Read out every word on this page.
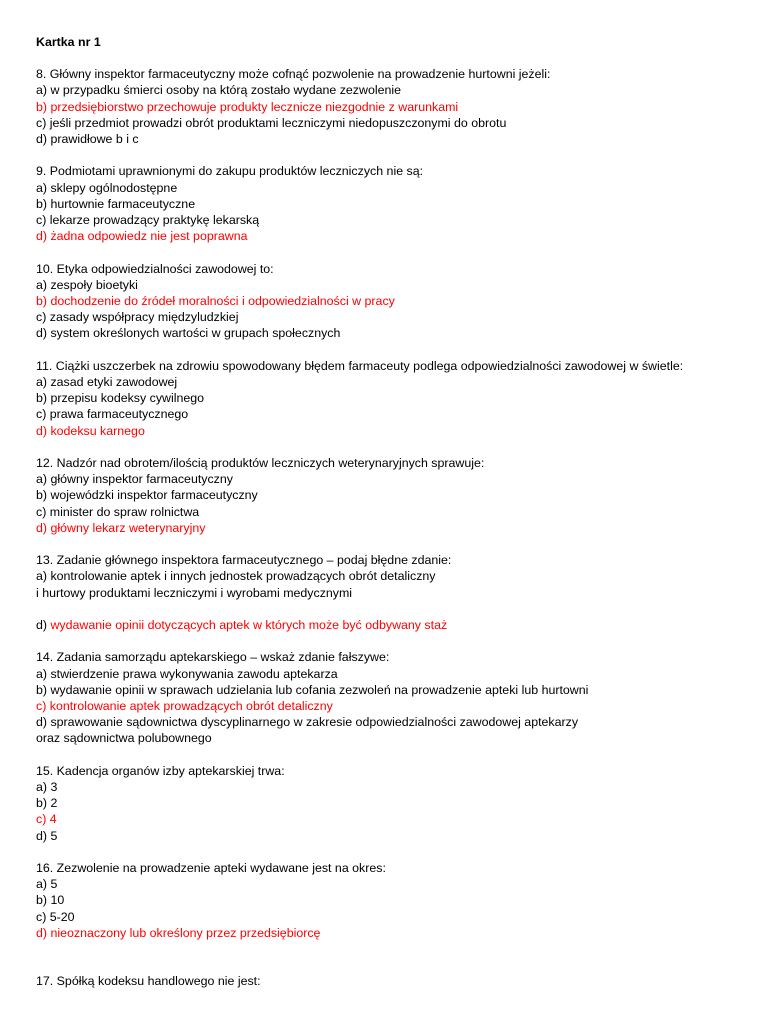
Kartka nr 1
8. Główny inspektor farmaceutyczny może cofnąć pozwolenie na prowadzenie hurtowni jeżeli:
a) w przypadku śmierci osoby na którą zostało wydane zezwolenie
b) przedsiębiorstwo przechowuje produkty lecznicze niezgodnie z warunkami
c) jeśli przedmiot prowadzi obrót produktami leczniczymi niedopuszczonymi do obrotu
d) prawidłowe b i c
9. Podmiotami uprawnionymi do zakupu produktów leczniczych nie są:
a) sklepy ogólnodostępne
b) hurtownie farmaceutyczne
c) lekarze prowadzący praktykę lekarską
d) żadna odpowiedz nie jest poprawna
10. Etyka odpowiedzialności zawodowej to:
a) zespoły bioetyki
b) dochodzenie do źródeł moralności i odpowiedzialności w pracy
c) zasady współpracy międzyludzkiej
d) system określonych wartości w grupach społecznych
11. Ciążki uszczerbek na zdrowiu spowodowany błędem farmaceuty podlega odpowiedzialności zawodowej w świetle:
a) zasad etyki zawodowej
b) przepisu kodeksy cywilnego
c) prawa farmaceutycznego
d) kodeksu karnego
12. Nadzór nad obrotem/ilością produktów leczniczych weterynaryjnych sprawuje:
a) główny inspektor farmaceutyczny
b) wojewódzki inspektor farmaceutyczny
c) minister do spraw rolnictwa
d) główny lekarz weterynaryjny
13. Zadanie głównego inspektora farmaceutycznego – podaj błędne zdanie:
a) kontrolowanie aptek i innych jednostek prowadzących obrót detaliczny
i hurtowy produktami leczniczymi i wyrobami medycznymi
d) wydawanie opinii dotyczących aptek w których może być odbywany staż
14. Zadania samorządu aptekarskiego – wskaż zdanie fałszywe:
a) stwierdzenie prawa wykonywania zawodu aptekarza
b) wydawanie opinii w sprawach udzielania lub cofania zezwoleń na prowadzenie apteki lub hurtowni
c) kontrolowanie aptek prowadzących obrót detaliczny
d) sprawowanie sądownictwa dyscyplinarnego w zakresie odpowiedzialności zawodowej aptekarzy
oraz sądownictwa polubownego
15. Kadencja organów izby aptekarskiej trwa:
a) 3
b) 2
c) 4
d) 5
16. Zezwolenie na prowadzenie apteki wydawane jest na okres:
a) 5
b) 10
c) 5-20
d) nieoznaczony lub określony przez przedsiębiorcę
17. Spółką kodeksu handlowego nie jest:
